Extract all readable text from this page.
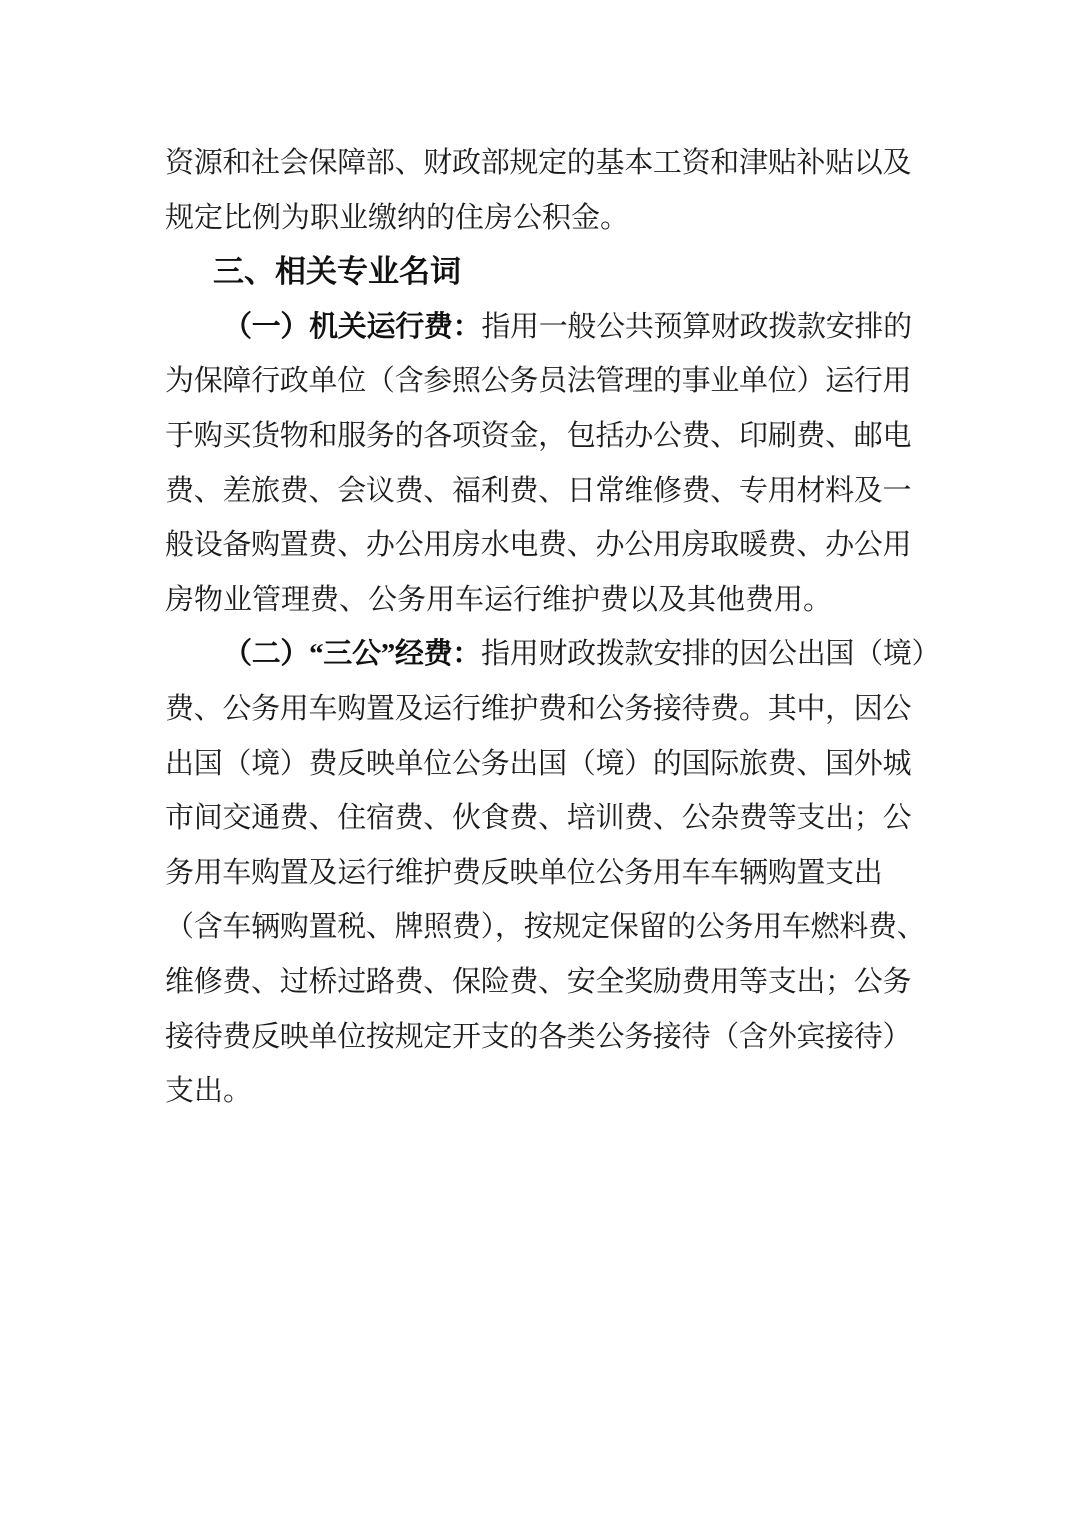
资源和社会保障部、财政部规定的基本工资和津贴补贴以及
规定比例为职业缴纳的住房公积金。
三、相关专业名词
（一）机关运行费：指用一般公共预算财政拨款安排的
为保障行政单位（含参照公务员法管理的事业单位）运行用
于购买货物和服务的各项资金，包括办公费、印刷费、邮电
费、差旅费、会议费、福利费、日常维修费、专用材料及一
般设备购置费、办公用房水电费、办公用房取暖费、办公用
房物业管理费、公务用车运行维护费以及其他费用。
（二）“三公”经费：指用财政拨款安排的因公出国（境）
费、公务用车购置及运行维护费和公务接待费。其中，因公
出国（境）费反映单位公务出国（境）的国际旅费、国外城
市间交通费、住宿费、伙食费、培训费、公杂费等支出；公
务用车购置及运行维护费反映单位公务用车车辆购置支出
（含车辆购置税、牌照费），按规定保留的公务用车燃料费、
维修费、过桥过路费、保险费、安全奖励费用等支出；公务
接待费反映单位按规定开支的各类公务接待（含外宾接待）
支出。
